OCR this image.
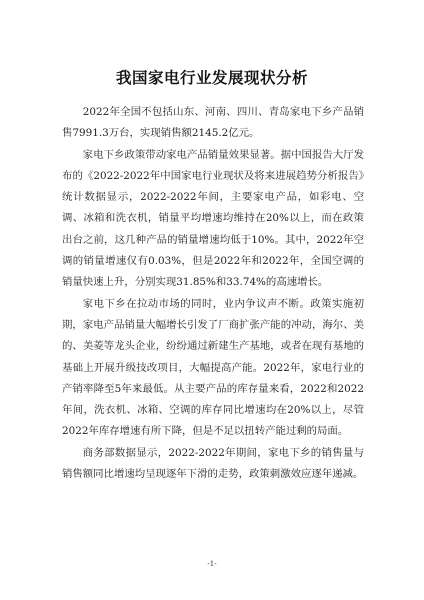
我国家电行业发展现状分析

2022年全国不包括山东、河南、四川、青岛家电下乡产品销售7991.3万台，实现销售额2145.2亿元。

家电下乡政策带动家电产品销量效果显著。据中国报告大厅发布的《2022-2022年中国家电行业现状及将来进展趋势分析报告》统计数据显示，2022-2022年间，主要家电产品，如彩电、空调、冰箱和洗衣机，销量平均增速均维持在20%以上，而在政策出台之前，这几种产品的销量增速均低于10%。其中，2022年空调的销量增速仅有0.03%，但是2022年和2022年，全国空调的销量快速上升，分别实现31.85%和33.74%的高速增长。

家电下乡在拉动市场的同时，业内争议声不断。政策实施初期，家电产品销量大幅增长引发了厂商扩张产能的冲动，海尔、美的、美菱等龙头企业，纷纷通过新建生产基地，或者在现有基地的基础上开展升级技改项目，大幅提高产能。2022年，家电行业的产销率降至5年来最低。从主要产品的库存量来看，2022和2022年间，洗衣机、冰箱、空调的库存同比增速均在20%以上，尽管2022年库存增速有所下降，但是不足以扭转产能过剩的局面。

商务部数据显示，2022-2022年期间，家电下乡的销售量与销售额同比增速均呈现逐年下滑的走势，政策刺激效应逐年递减。

-1-
